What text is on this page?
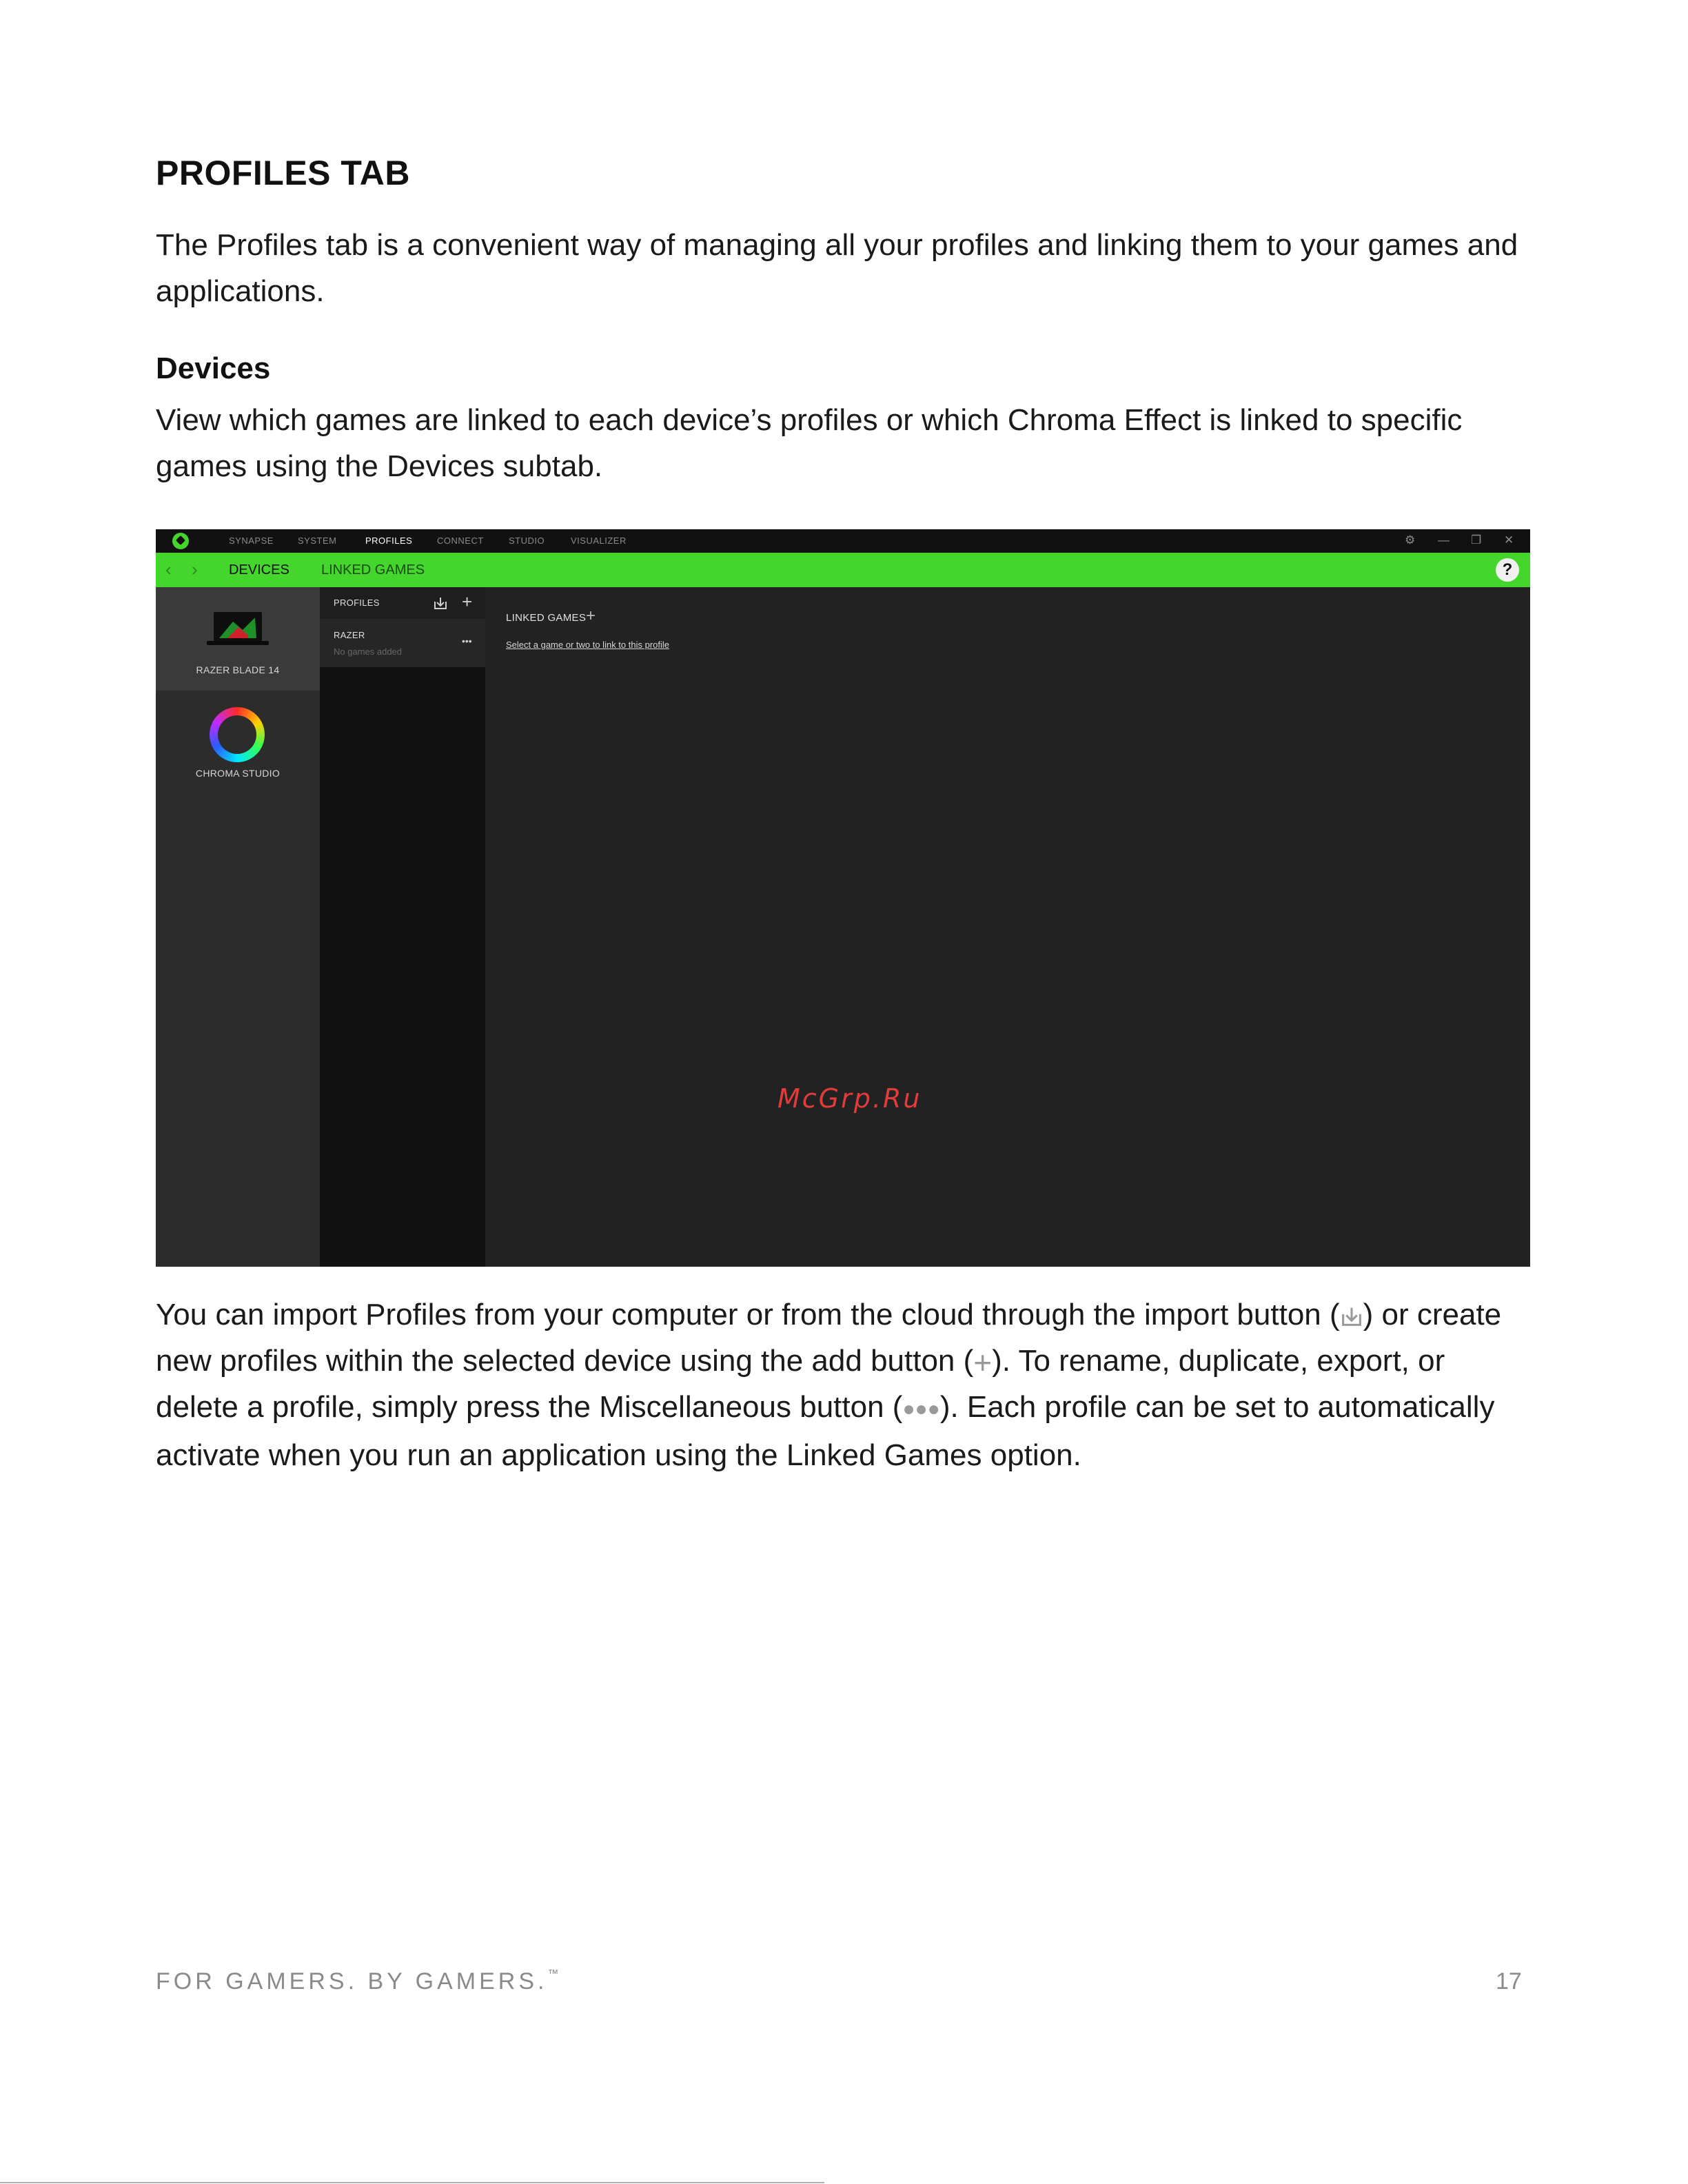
PROFILES TAB
The Profiles tab is a convenient way of managing all your profiles and linking them to your games and applications.
Devices
View which games are linked to each device’s profiles or which Chroma Effect is linked to specific games using the Devices subtab.
SYNAPSE	SYSTEM	PROFILES	CONNECT	STUDIO	VISUALIZER	⚙ — ❐ ✕
‹ › DEVICES LINKED GAMES	?
RAZER BLADE 14
CHROMA STUDIO
PROFILES	+
RAZER
No games added
•••
LINKED GAMES +
Select a game or two to link to this profile
McGrp.Ru
You can import Profiles from your computer or from the cloud through the import button ( ) or create new profiles within the selected device using the add button (+). To rename, duplicate, export, or delete a profile, simply press the Miscellaneous button (●●●). Each profile can be set to automatically activate when you run an application using the Linked Games option.
FOR GAMERS. BY GAMERS.™	17
